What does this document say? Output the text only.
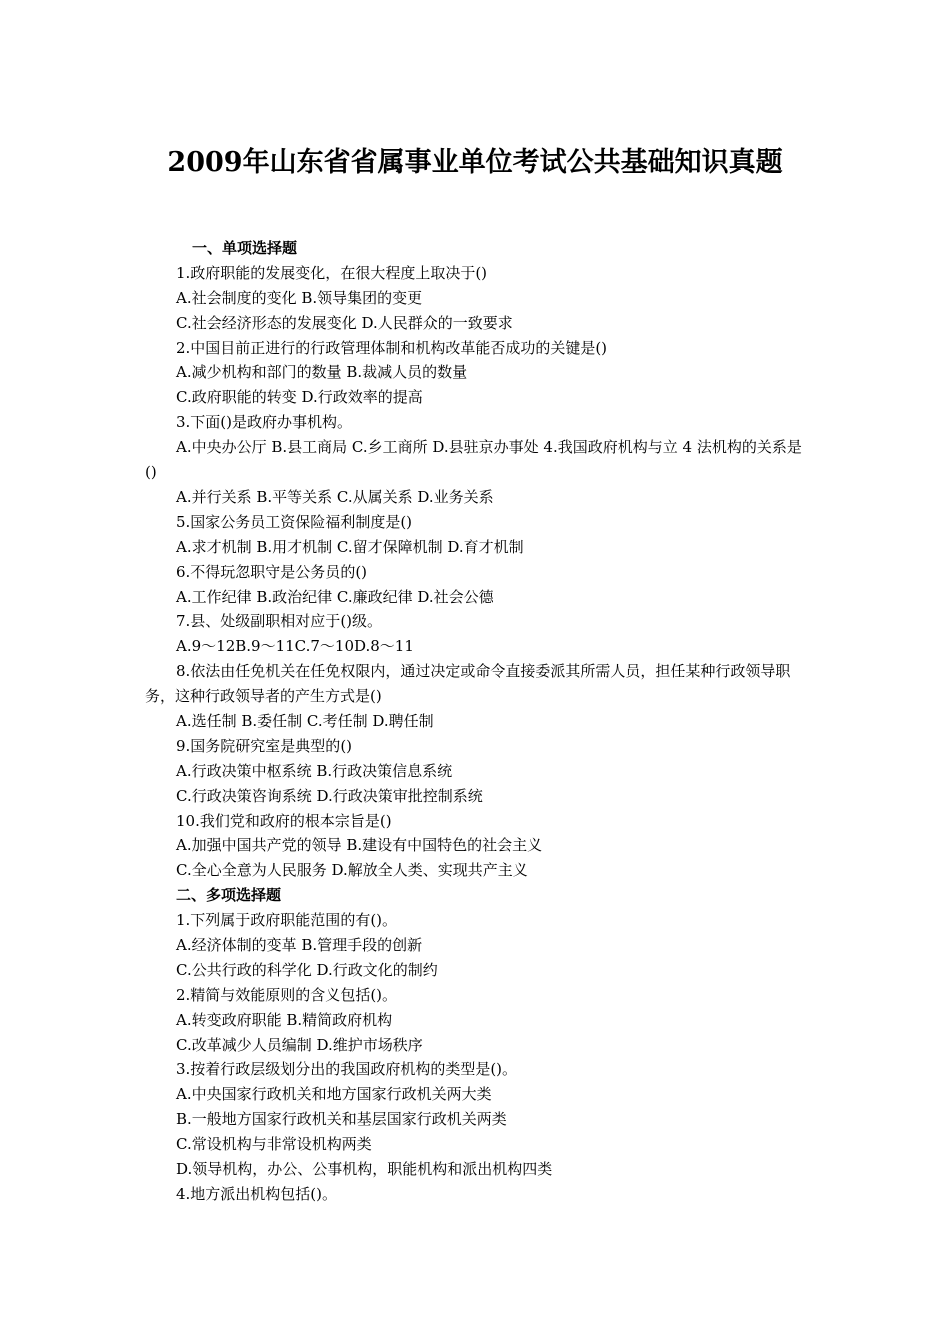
2009年山东省省属事业单位考试公共基础知识真题
一、单项选择题
1.政府职能的发展变化，在很大程度上取决于()
A.社会制度的变化 B.领导集团的变更
C.社会经济形态的发展变化 D.人民群众的一致要求
2.中国目前正进行的行政管理体制和机构改革能否成功的关键是()
A.减少机构和部门的数量 B.裁减人员的数量
C.政府职能的转变 D.行政效率的提高
3.下面()是政府办事机构。
A.中央办公厅 B.县工商局 C.乡工商所 D.县驻京办事处 4.我国政府机构与立 4 法机构的关系是()
A.并行关系 B.平等关系 C.从属关系 D.业务关系
5.国家公务员工资保险福利制度是()
A.求才机制 B.用才机制 C.留才保障机制 D.育才机制
6.不得玩忽职守是公务员的()
A.工作纪律 B.政治纪律 C.廉政纪律 D.社会公德
7.县、处级副职相对应于()级。
A.9～12B.9～11C.7～10D.8～11
8.依法由任免机关在任免权限内，通过决定或命令直接委派其所需人员，担任某种行政领导职务，这种行政领导者的产生方式是()
A.选任制 B.委任制 C.考任制 D.聘任制
9.国务院研究室是典型的()
A.行政决策中枢系统 B.行政决策信息系统
C.行政决策咨询系统 D.行政决策审批控制系统
10.我们党和政府的根本宗旨是()
A.加强中国共产党的领导 B.建设有中国特色的社会主义
C.全心全意为人民服务 D.解放全人类、实现共产主义
二、多项选择题
1.下列属于政府职能范围的有()。
A.经济体制的变革 B.管理手段的创新
C.公共行政的科学化 D.行政文化的制约
2.精简与效能原则的含义包括()。
A.转变政府职能 B.精简政府机构
C.改革减少人员编制 D.维护市场秩序
3.按着行政层级划分出的我国政府机构的类型是()。
A.中央国家行政机关和地方国家行政机关两大类
B.一般地方国家行政机关和基层国家行政机关两类
C.常设机构与非常设机构两类
D.领导机构，办公、公事机构，职能机构和派出机构四类
4.地方派出机构包括()。
